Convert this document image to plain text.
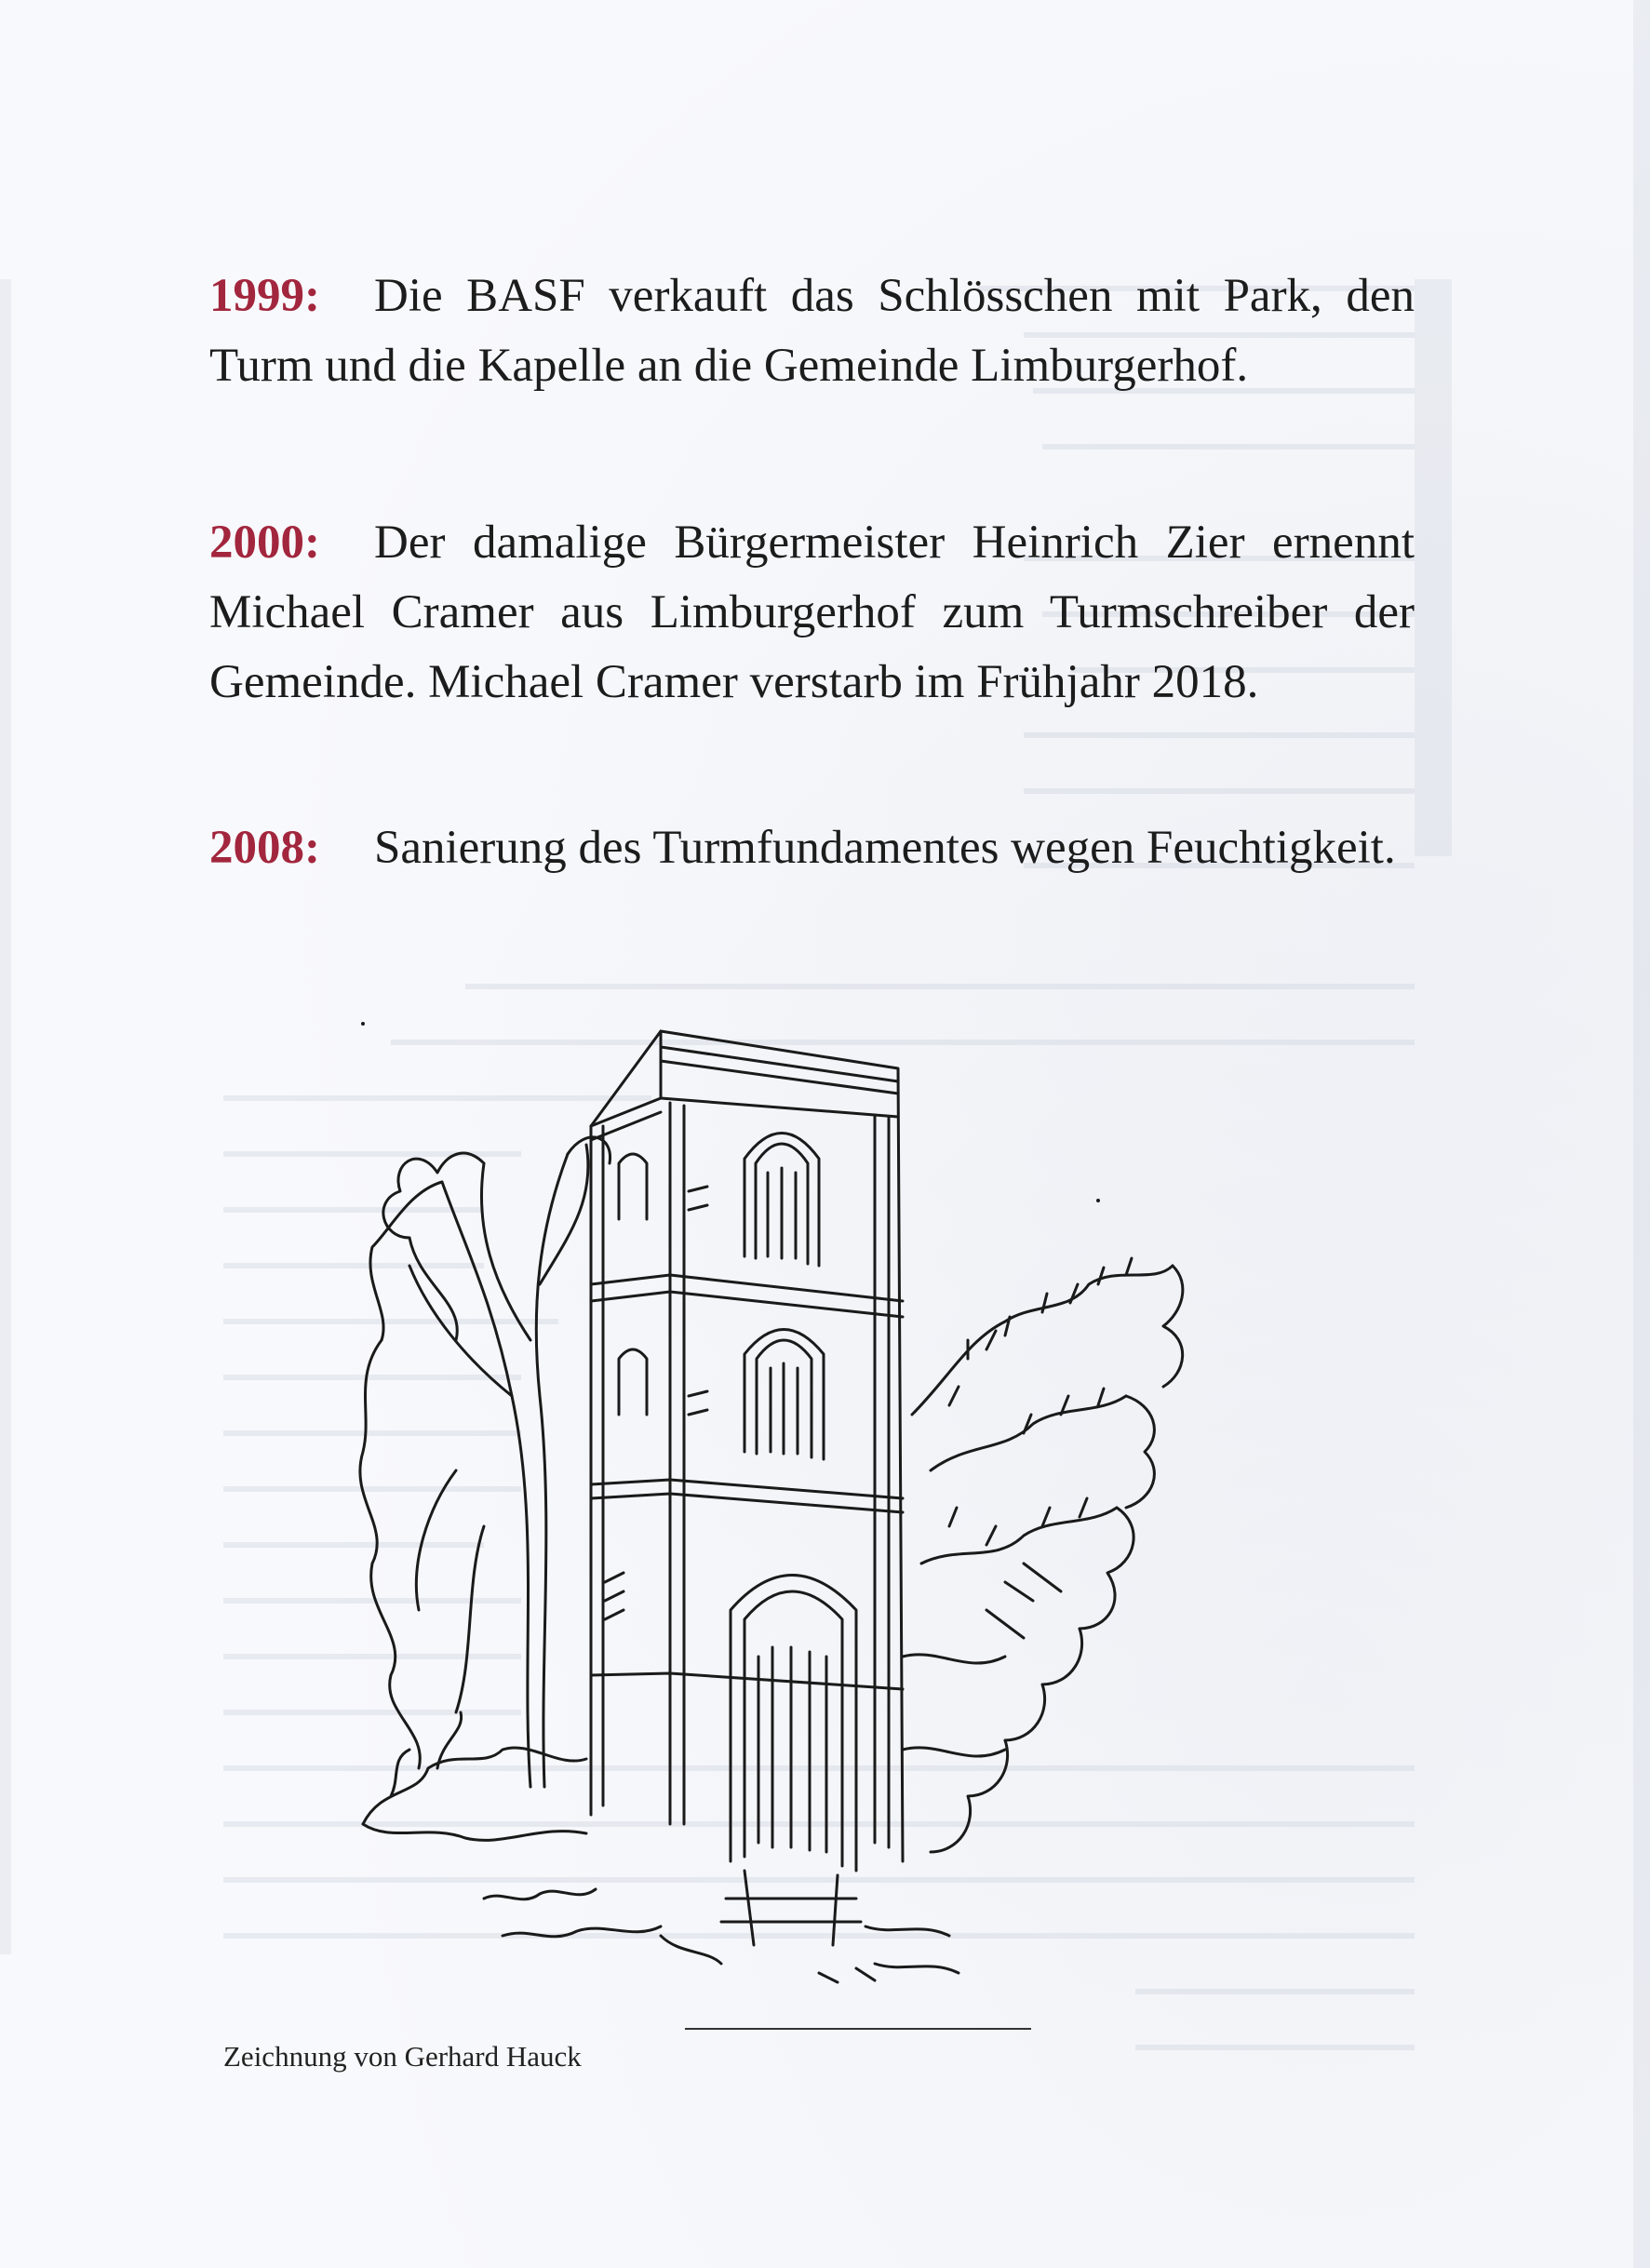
1999: Die BASF verkauft das Schlösschen mit Park, den Turm und die Kapelle an die Gemeinde Limburgerhof.

2000: Der damalige Bürgermeister Heinrich Zier ernennt Michael Cramer aus Limburgerhof zum Turmschreiber der Gemeinde. Michael Cramer verstarb im Frühjahr 2018.

2008: Sanierung des Turmfundamentes wegen Feuchtigkeit.

Zeichnung von Gerhard Hauck
